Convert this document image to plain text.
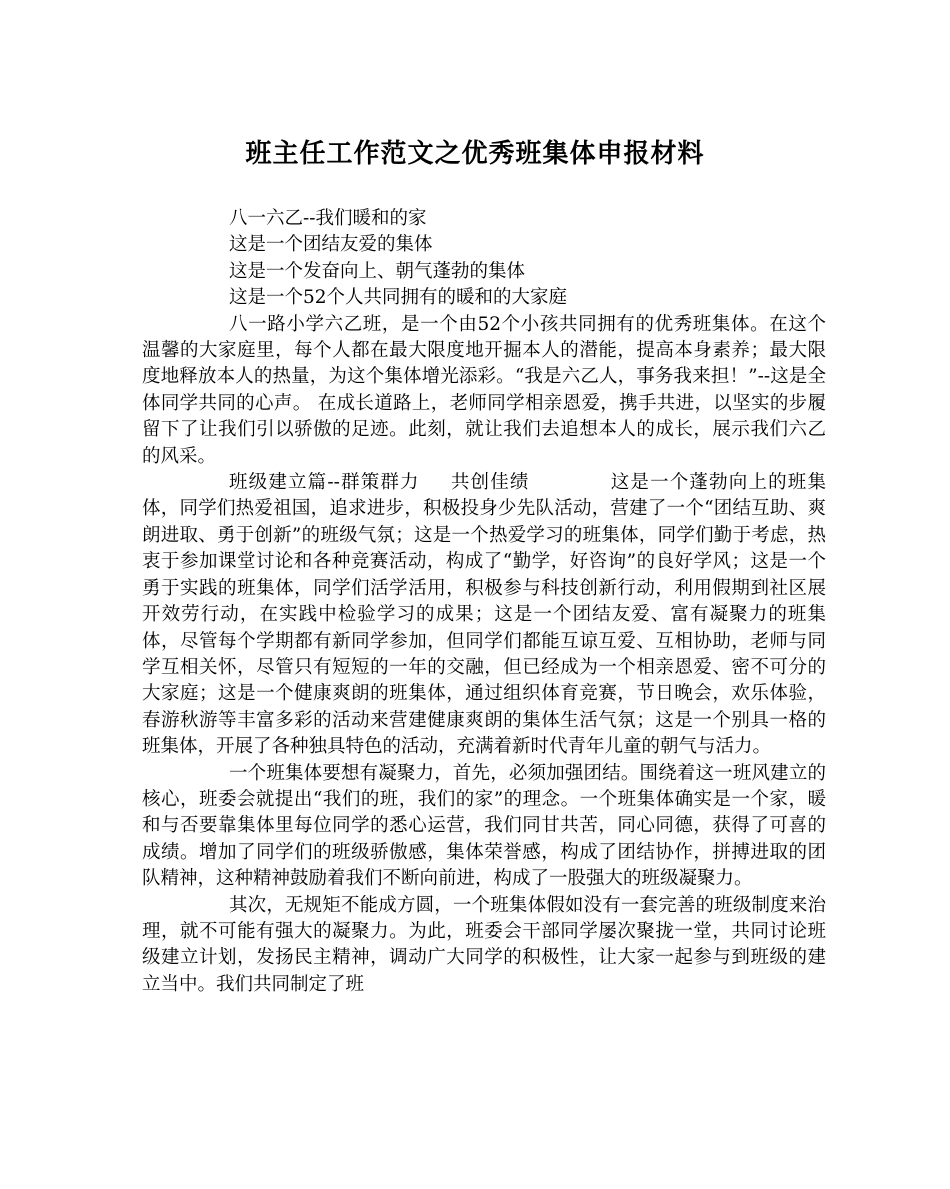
班主任工作范文之优秀班集体申报材料

八一六乙--我们暖和的家

这是一个团结友爱的集体

这是一个发奋向上、朝气蓬勃的集体

这是一个52个人共同拥有的暖和的大家庭

八一路小学六乙班，是一个由52个小孩共同拥有的优秀班集体。在这个温馨的大家庭里，每个人都在最大限度地开掘本人的潜能，提高本身素养；最大限度地释放本人的热量，为这个集体增光添彩。“我是六乙人，事务我来担！”--这是全体同学共同的心声。 在成长道路上，老师同学相亲恩爱，携手共进，以坚实的步履留下了让我们引以骄傲的足迹。此刻，就让我们去追想本人的成长，展示我们六乙的风采。

班级建立篇--群策群力 共创佳绩	这是一个蓬勃向上的班集体，同学们热爱祖国，追求进步，积极投身少先队活动，营建了一个“团结互助、爽朗进取、勇于创新”的班级气氛；这是一个热爱学习的班集体，同学们勤于考虑，热衷于参加课堂讨论和各种竞赛活动，构成了“勤学，好咨询”的良好学风；这是一个勇于实践的班集体，同学们活学活用，积极参与科技创新行动，利用假期到社区展开效劳行动，在实践中检验学习的成果；这是一个团结友爱、富有凝聚力的班集体，尽管每个学期都有新同学参加，但同学们都能互谅互爱、互相协助，老师与同学互相关怀，尽管只有短短的一年的交融，但已经成为一个相亲恩爱、密不可分的大家庭；这是一个健康爽朗的班集体，通过组织体育竞赛，节日晚会，欢乐体验，春游秋游等丰富多彩的活动来营建健康爽朗的集体生活气氛；这是一个别具一格的班集体，开展了各种独具特色的活动，充满着新时代青年儿童的朝气与活力。

一个班集体要想有凝聚力，首先，必须加强团结。围绕着这一班风建立的核心，班委会就提出“我们的班，我们的家”的理念。一个班集体确实是一个家，暖和与否要靠集体里每位同学的悉心运营，我们同甘共苦，同心同德，获得了可喜的成绩。增加了同学们的班级骄傲感，集体荣誉感，构成了团结协作，拼搏进取的团队精神，这种精神鼓励着我们不断向前进，构成了一股强大的班级凝聚力。

其次，无规矩不能成方圆，一个班集体假如没有一套完善的班级制度来治理，就不可能有强大的凝聚力。为此，班委会干部同学屡次聚拢一堂，共同讨论班级建立计划，发扬民主精神，调动广大同学的积极性，让大家一起参与到班级的建立当中。我们共同制定了班
